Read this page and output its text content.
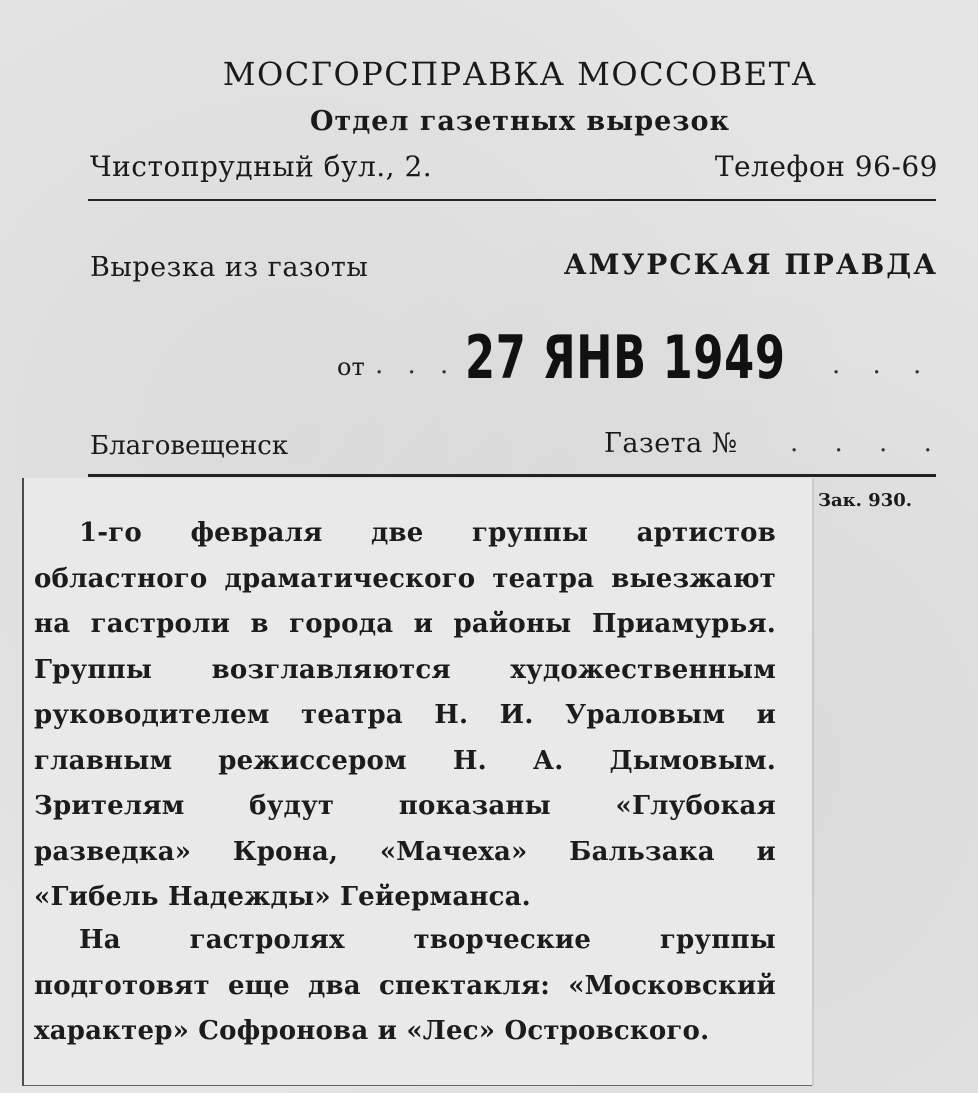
МОСГОРСПРАВКА МОССОВЕТА
Отдел газетных вырезок
Чистопрудный бул., 2.	Телефон 96-69
Вырезка из газоты	АМУРСКАЯ ПРАВДА
от . . . 27 ЯНВ 1949 . . .
Благовещенск	Газета № . . . .
Зак. 930.
1-го февраля две группы артистов областного драматического театра выезжают на гастроли в города и районы Приамурья. Группы возглавляются художественным руководителем театра Н. И. Ураловым и главным режиссером Н. А. Дымовым. Зрителям будут показаны «Глубокая разведка» Крона, «Мачеха» Бальзака и «Гибель Надежды» Гейерманса.
На гастролях творческие группы подготовят еще два спектакля: «Московский характер» Софронова и «Лес» Островского.
